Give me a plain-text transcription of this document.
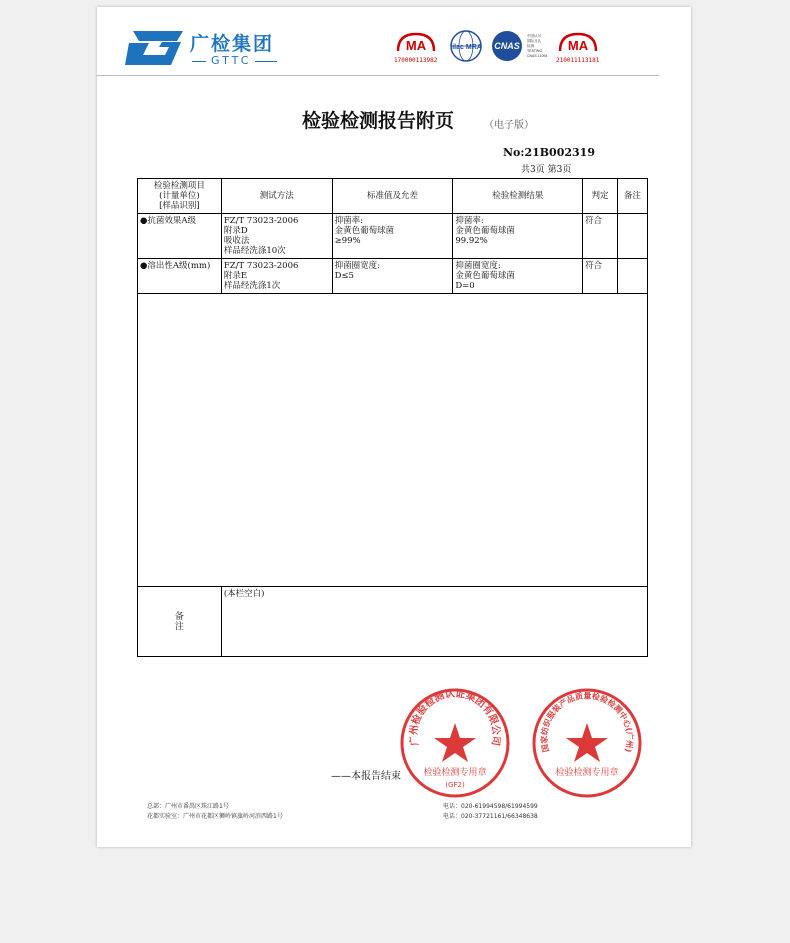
广检集团
GTTC
MA
170000113982
ilac MRA CNAS
中国认可
国际互认
检测
TESTING
CNAS L1094
MA
210011113181
检验检测报告附页	（电子版）
No:21B002319
共3页 第3页
检验检测项目
(计量单位)
[样品识别]	测试方法	标准值及允差	检验检测结果	判定	备注
●抗菌效果A级	FZ/T 73023-2006
附录D
吸收法
样品经洗涤10次	抑菌率:
金黄色葡萄球菌
≥99%	抑菌率:
金黄色葡萄球菌
99.92%	符合	
●溶出性A级(mm)	FZ/T 73023-2006
附录E
样品经洗涤1次	抑菌圈宽度:
D≤5	抑菌圈宽度:
金黄色葡萄球菌
D=0	符合	

备
注	(本栏空白)				
——本报告结束
广州检验检测认证集团有限公司
检验检测专用章
(GF2)
国家纺织服装产品质量检验检测中心(广州)
检验检测专用章
总部：广州市番禺区珠江路1号
花都实验室：广州市花都区狮岭镇旗岭河滨西路1号
电话：020-61994598/61994599
电话：020-37721161/66348638
